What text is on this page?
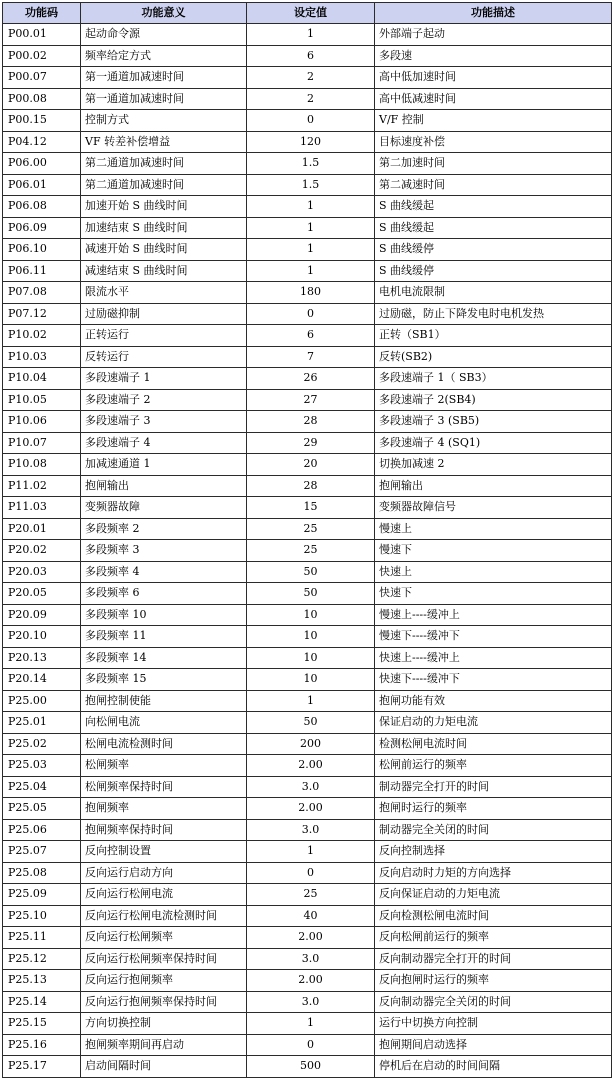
功能码	功能意义	设定值	功能描述
P00.01	起动命令源	1	外部端子起动
P00.02	频率给定方式	6	多段速
P00.07	第一通道加减速时间	2	高中低加速时间
P00.08	第一通道加减速时间	2	高中低减速时间
P00.15	控制方式	0	V/F 控制
P04.12	VF 转差补偿增益	120	目标速度补偿
P06.00	第二通道加减速时间	1.5	第二加速时间
P06.01	第二通道加减速时间	1.5	第二减速时间
P06.08	加速开始 S 曲线时间	1	S 曲线缓起
P06.09	加速结束 S 曲线时间	1	S 曲线缓起
P06.10	减速开始 S 曲线时间	1	S 曲线缓停
P06.11	减速结束 S 曲线时间	1	S 曲线缓停
P07.08	限流水平	180	电机电流限制
P07.12	过励磁抑制	0	过励磁，防止下降发电时电机发热
P10.02	正转运行	6	正转（SB1）
P10.03	反转运行	7	反转(SB2)
P10.04	多段速端子 1	26	多段速端子 1（ SB3）
P10.05	多段速端子 2	27	多段速端子 2(SB4)
P10.06	多段速端子 3	28	多段速端子 3 (SB5)
P10.07	多段速端子 4	29	多段速端子 4 (SQ1)
P10.08	加减速通道 1	20	切换加减速 2
P11.02	抱闸输出	28	抱闸输出
P11.03	变频器故障	15	变频器故障信号
P20.01	多段频率 2	25	慢速上
P20.02	多段频率 3	25	慢速下
P20.03	多段频率 4	50	快速上
P20.05	多段频率 6	50	快速下
P20.09	多段频率 10	10	慢速上----缓冲上
P20.10	多段频率 11	10	慢速下----缓冲下
P20.13	多段频率 14	10	快速上----缓冲上
P20.14	多段频率 15	10	快速下----缓冲下
P25.00	抱闸控制使能	1	抱闸功能有效
P25.01	向松闸电流	50	保证启动的力矩电流
P25.02	松闸电流检测时间	200	检测松闸电流时间
P25.03	松闸频率	2.00	松闸前运行的频率
P25.04	松闸频率保持时间	3.0	制动器完全打开的时间
P25.05	抱闸频率	2.00	抱闸时运行的频率
P25.06	抱闸频率保持时间	3.0	制动器完全关闭的时间
P25.07	反向控制设置	1	反向控制选择
P25.08	反向运行启动方向	0	反向启动时力矩的方向选择
P25.09	反向运行松闸电流	25	反向保证启动的力矩电流
P25.10	反向运行松闸电流检测时间	40	反向检测松闸电流时间
P25.11	反向运行松闸频率	2.00	反向松闸前运行的频率
P25.12	反向运行松闸频率保持时间	3.0	反向制动器完全打开的时间
P25.13	反向运行抱闸频率	2.00	反向抱闸时运行的频率
P25.14	反向运行抱闸频率保持时间	3.0	反向制动器完全关闭的时间
P25.15	方向切换控制	1	运行中切换方向控制
P25.16	抱闸频率期间再启动	0	抱闸期间启动选择
P25.17	启动间隔时间	500	停机后在启动的时间间隔
